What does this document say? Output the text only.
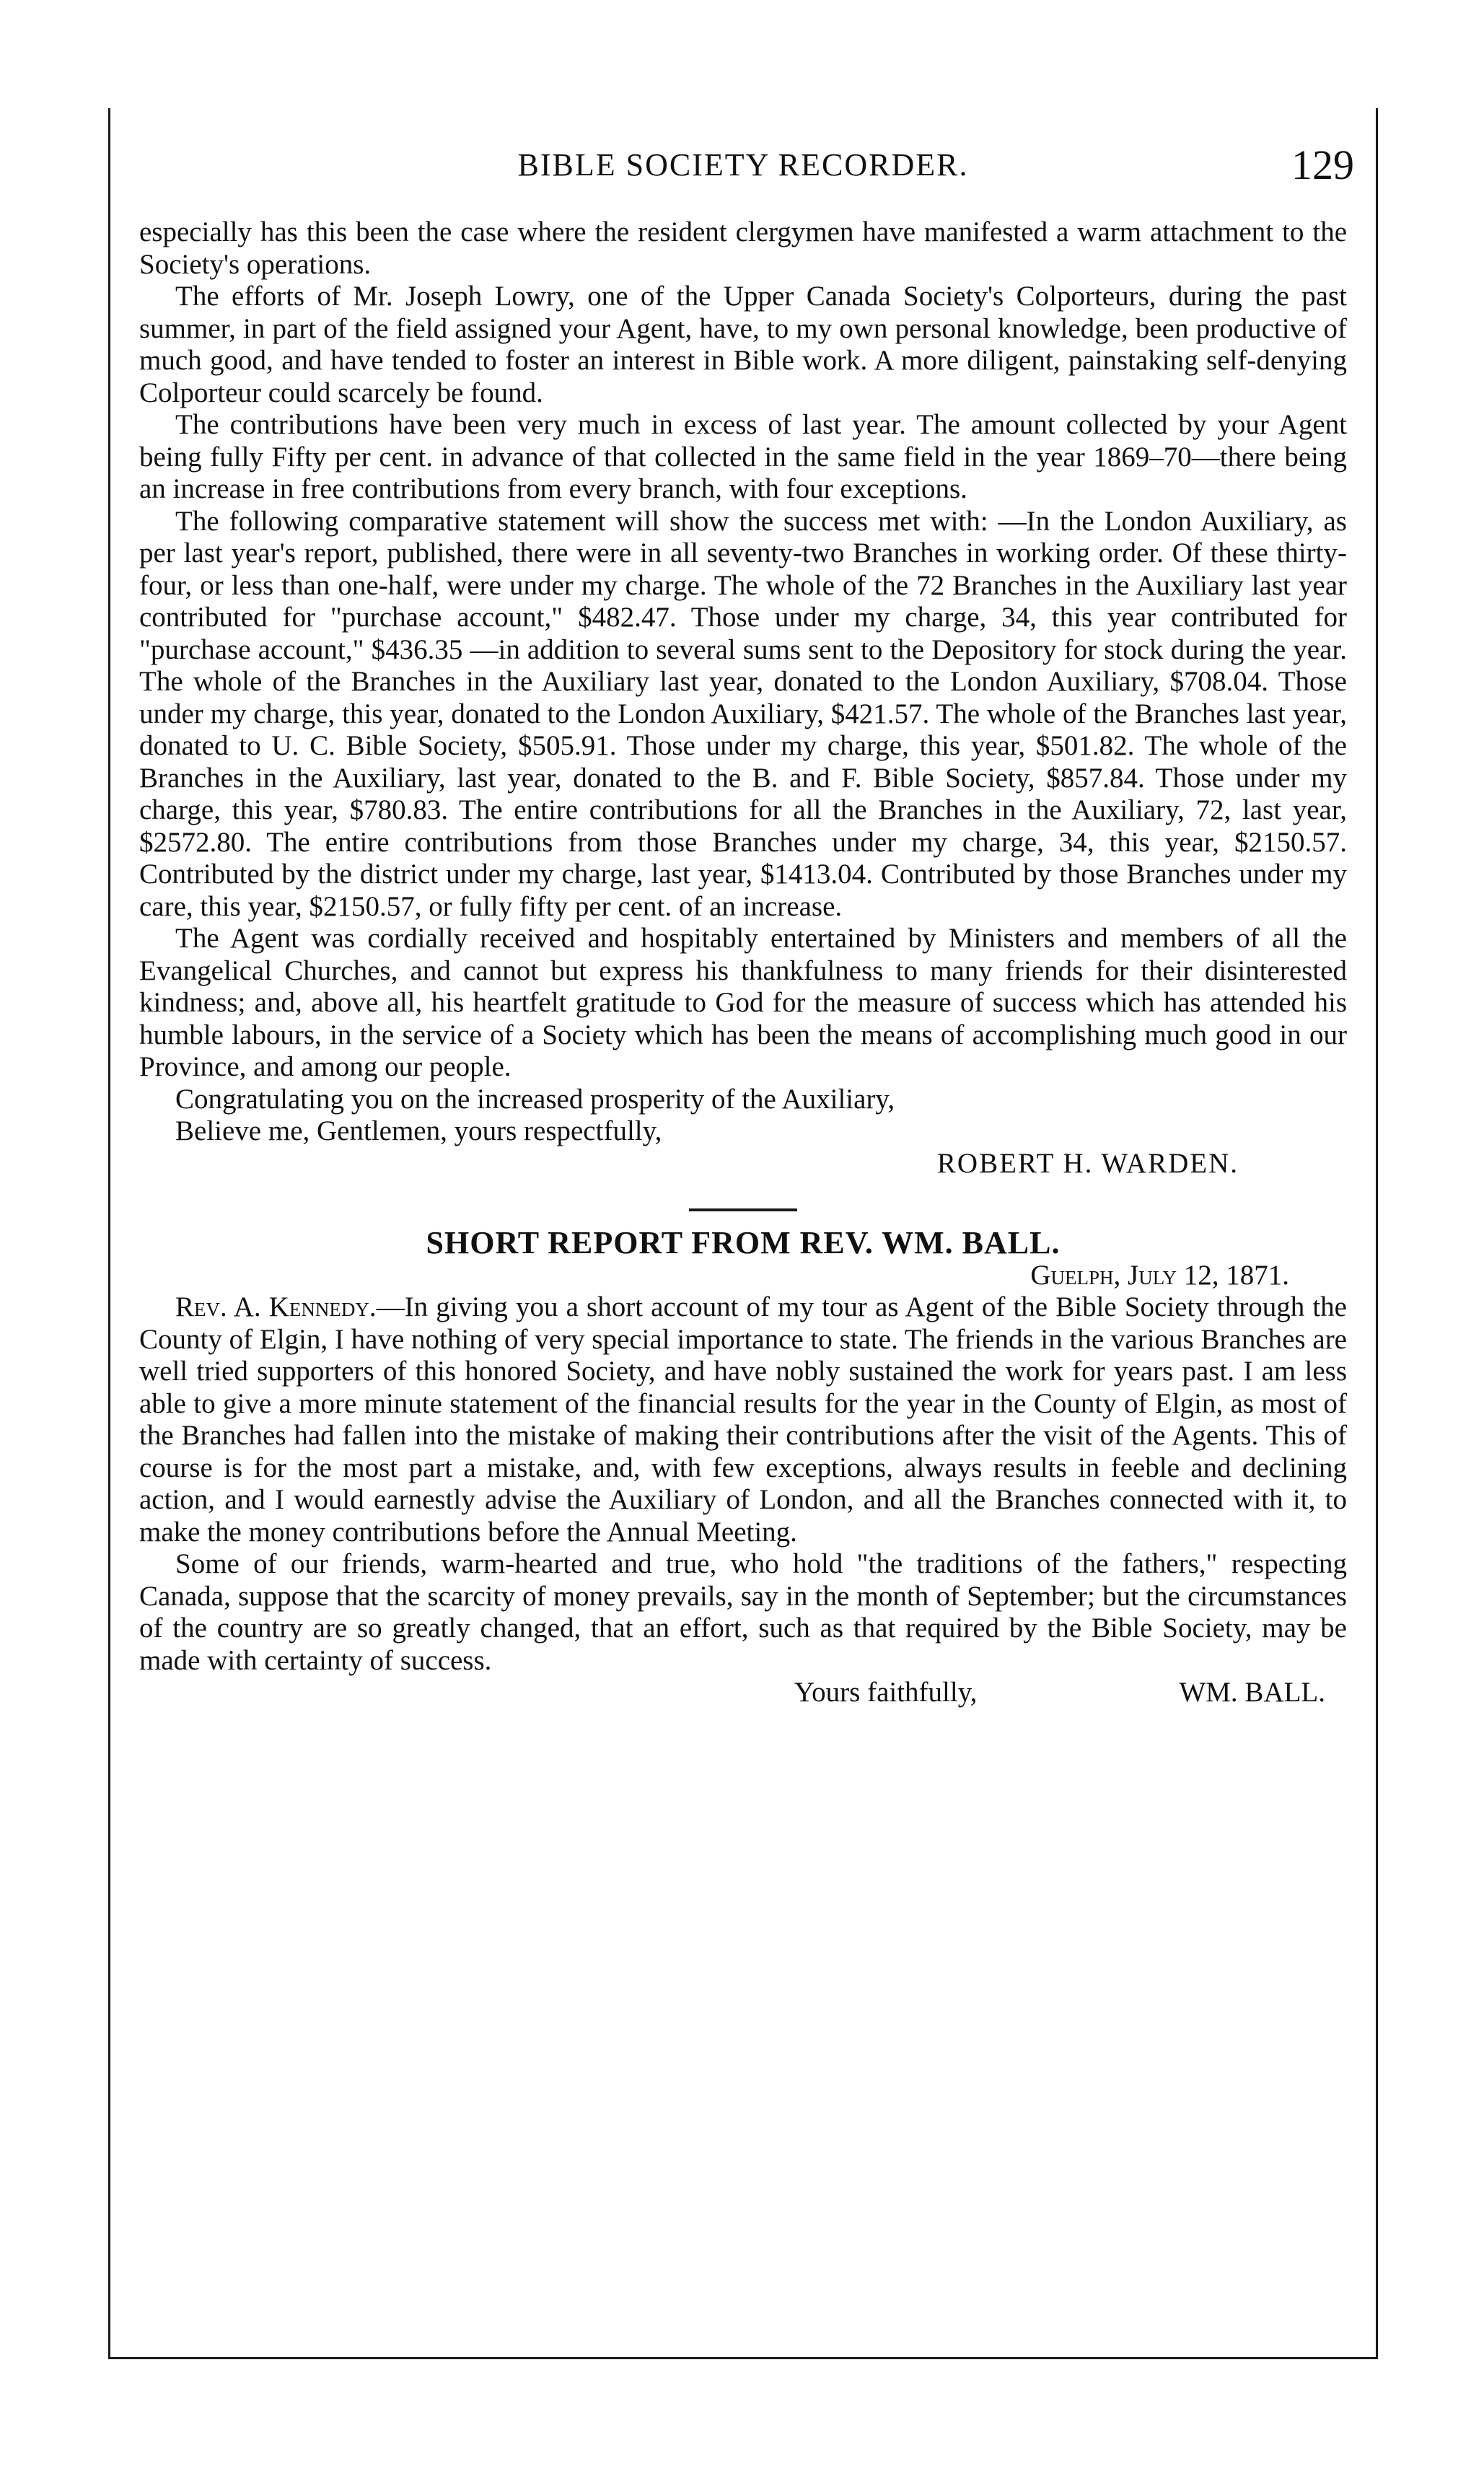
BIBLE SOCIETY RECORDER.	129

especially has this been the case where the resident clergymen have manifested a warm attachment to the Society's operations.

The efforts of Mr. Joseph Lowry, one of the Upper Canada Society's Colporteurs, during the past summer, in part of the field assigned your Agent, have, to my own personal knowledge, been productive of much good, and have tended to foster an interest in Bible work. A more diligent, painstaking self-denying Colporteur could scarcely be found.

The contributions have been very much in excess of last year. The amount collected by your Agent being fully Fifty per cent. in advance of that collected in the same field in the year 1869–70—there being an increase in free contributions from every branch, with four exceptions.

The following comparative statement will show the success met with: —In the London Auxiliary, as per last year's report, published, there were in all seventy-two Branches in working order. Of these thirty-four, or less than one-half, were under my charge. The whole of the 72 Branches in the Auxiliary last year contributed for "purchase account," $482.47. Those under my charge, 34, this year contributed for "purchase account," $436.35 —in addition to several sums sent to the Depository for stock during the year. The whole of the Branches in the Auxiliary last year, donated to the London Auxiliary, $708.04. Those under my charge, this year, donated to the London Auxiliary, $421.57. The whole of the Branches last year, donated to U. C. Bible Society, $505.91. Those under my charge, this year, $501.82. The whole of the Branches in the Auxiliary, last year, donated to the B. and F. Bible Society, $857.84. Those under my charge, this year, $780.83. The entire contributions for all the Branches in the Auxiliary, 72, last year, $2572.80. The entire contributions from those Branches under my charge, 34, this year, $2150.57. Contributed by the district under my charge, last year, $1413.04. Contributed by those Branches under my care, this year, $2150.57, or fully fifty per cent. of an increase.

The Agent was cordially received and hospitably entertained by Ministers and members of all the Evangelical Churches, and cannot but express his thankfulness to many friends for their disinterested kindness; and, above all, his heartfelt gratitude to God for the measure of success which has attended his humble labours, in the service of a Society which has been the means of accomplishing much good in our Province, and among our people.

Congratulating you on the increased prosperity of the Auxiliary,

Believe me, Gentlemen, yours respectfully,

ROBERT H. WARDEN.

SHORT REPORT FROM REV. WM. BALL.

Guelph, July 12, 1871.

Rev. A. Kennedy.—In giving you a short account of my tour as Agent of the Bible Society through the County of Elgin, I have nothing of very special importance to state. The friends in the various Branches are well tried supporters of this honored Society, and have nobly sustained the work for years past. I am less able to give a more minute statement of the financial results for the year in the County of Elgin, as most of the Branches had fallen into the mistake of making their contributions after the visit of the Agents. This of course is for the most part a mistake, and, with few exceptions, always results in feeble and declining action, and I would earnestly advise the Auxiliary of London, and all the Branches connected with it, to make the money contributions before the Annual Meeting.

Some of our friends, warm-hearted and true, who hold "the traditions of the fathers," respecting Canada, suppose that the scarcity of money prevails, say in the month of September; but the circumstances of the country are so greatly changed, that an effort, such as that required by the Bible Society, may be made with certainty of success.

Yours faithfully,	WM. BALL.
